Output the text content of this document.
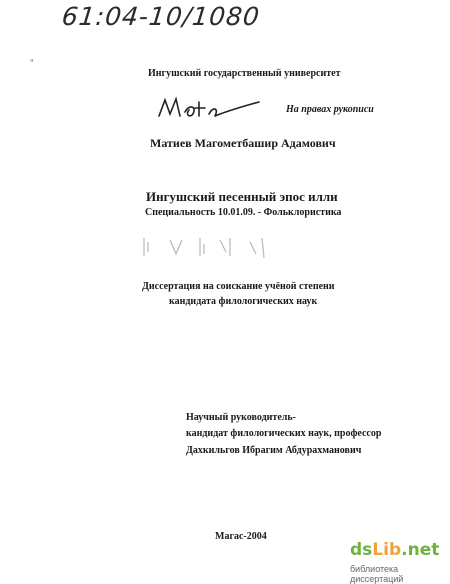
61:04-10/1080
"
Ингушский государственный университет
На правах рукописи
Матиев Магометбашир Адамович
Ингушский песенный эпос илли
Специальность 10.01.09. - Фольклористика
Диссертация на соискание учёной степени
кандидата филологических наук
Научный руководитель-
кандидат филологических наук, профессор
Дахкильгов Ибрагим Абдурахманович
Магас-2004
dsLib.net
библиотека диссертаций
